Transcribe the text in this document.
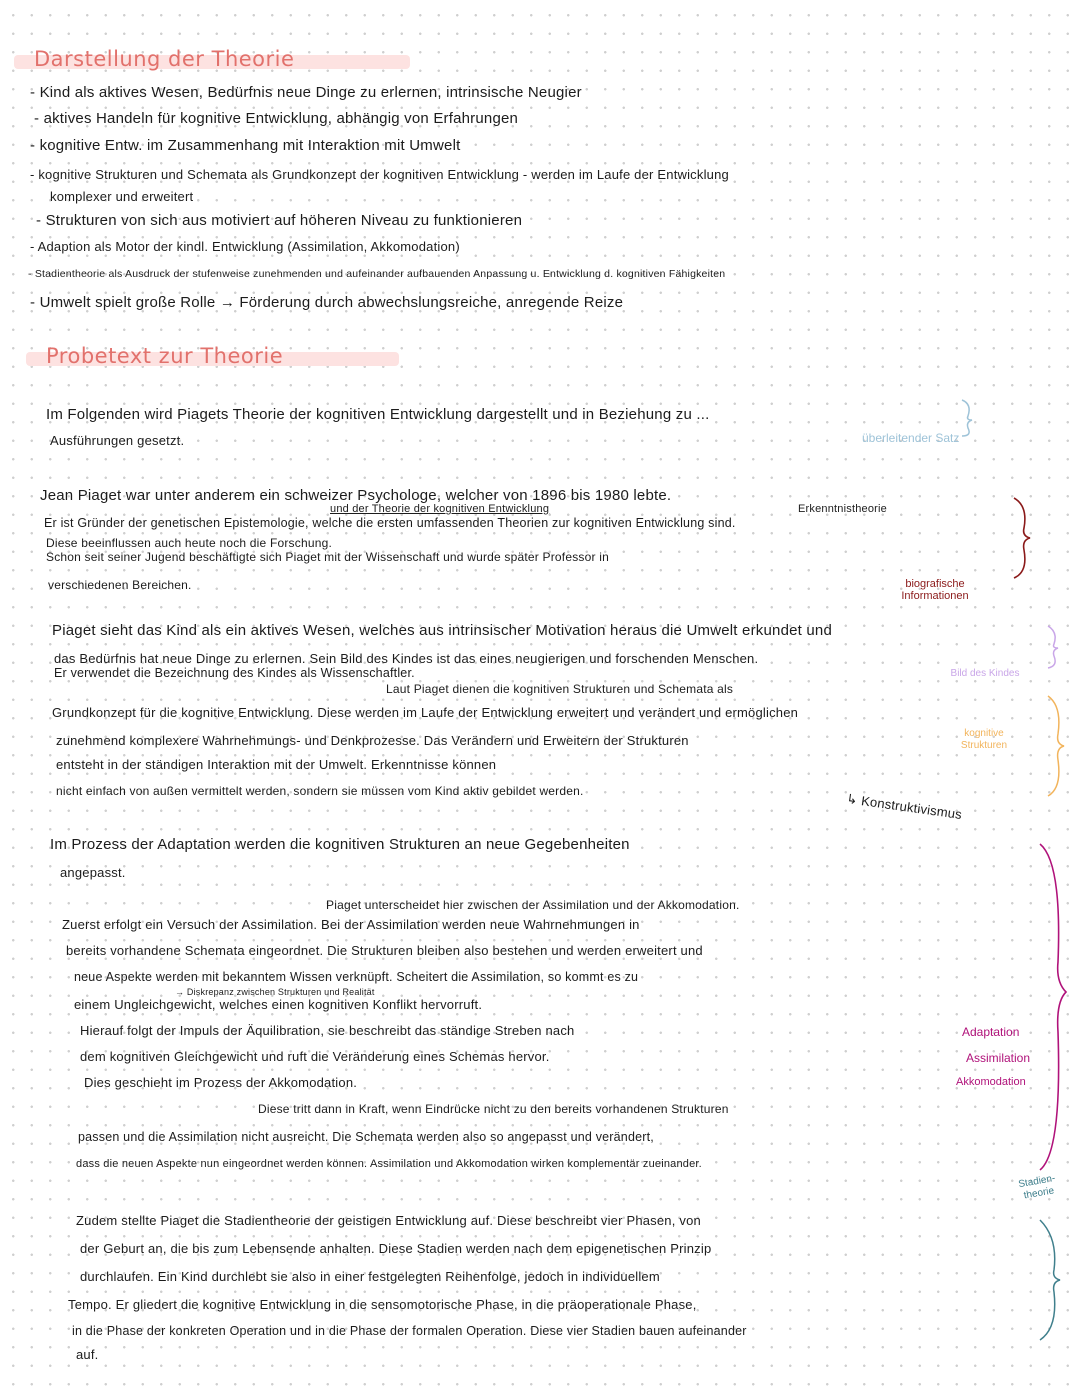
Darstellung der Theorie
- Kind als aktives Wesen, Bedürfnis neue Dinge zu erlernen, intrinsische Neugier
- aktives Handeln für kognitive Entwicklung, abhängig von Erfahrungen
- kognitive Entw. im Zusammenhang mit Interaktion mit Umwelt
- kognitive Strukturen und Schemata als Grundkonzept der kognitiven Entwicklung - werden im Laufe der Entwicklung
komplexer und erweitert
- Strukturen von sich aus motiviert auf höheren Niveau zu funktionieren
- Adaption als Motor der kindl. Entwicklung (Assimilation, Akkomodation)
- Stadientheorie als Ausdruck der stufenweise zunehmenden und aufeinander aufbauenden Anpassung u. Entwicklung d. kognitiven Fähigkeiten
- Umwelt spielt große Rolle → Förderung durch abwechslungsreiche, anregende Reize
Probetext zur Theorie
Im Folgenden wird Piagets Theorie der kognitiven Entwicklung dargestellt und in Beziehung zu ...
Ausführungen gesetzt.	überleitender Satz
Jean Piaget war unter anderem ein schweizer Psychologe, welcher von 1896 bis 1980 lebte.
und der Theorie der kognitiven Entwicklung	Erkenntnistheorie
Er ist Gründer der genetischen Epistemologie, welche die ersten umfassenden Theorien zur kognitiven Entwicklung sind.
Diese beeinflussen auch heute noch die Forschung.
Schon seit seiner Jugend beschäftigte sich Piaget mit der Wissenschaft und wurde später Professor in
verschiedenen Bereichen.	biografische Informationen
Piaget sieht das Kind als ein aktives Wesen, welches aus intrinsischer Motivation heraus die Umwelt erkundet und
das Bedürfnis hat neue Dinge zu erlernen. Sein Bild des Kindes ist das eines neugierigen und forschenden Menschen.
Er verwendet die Bezeichnung des Kindes als Wissenschaftler.	Bild des Kindes
Laut Piaget dienen die kognitiven Strukturen und Schemata als
Grundkonzept für die kognitive Entwicklung. Diese werden im Laufe der Entwicklung erweitert und verändert und ermöglichen
zunehmend komplexere Wahrnehmungs- und Denkprozesse. Das Verändern und Erweitern der Strukturen
entsteht in der ständigen Interaktion mit der Umwelt. Erkenntnisse können
nicht einfach von außen vermittelt werden, sondern sie müssen vom Kind aktiv gebildet werden.	↳ Konstruktivismus
kognitive Strukturen
Im Prozess der Adaptation werden die kognitiven Strukturen an neue Gegebenheiten
angepasst.
Piaget unterscheidet hier zwischen der Assimilation und der Akkomodation.
Zuerst erfolgt ein Versuch der Assimilation. Bei der Assimilation werden neue Wahrnehmungen in
bereits vorhandene Schemata eingeordnet. Die Strukturen bleiben also bestehen und werden erweitert und
neue Aspekte werden mit bekanntem Wissen verknüpft. Scheitert die Assimilation, so kommt es zu
→ Diskrepanz zwischen Strukturen und Realität
einem Ungleichgewicht, welches einen kognitiven Konflikt hervorruft.
Hierauf folgt der Impuls der Äquilibration, sie beschreibt das ständige Streben nach
dem kognitiven Gleichgewicht und ruft die Veränderung eines Schemas hervor.
Dies geschieht im Prozess der Akkomodation.
Diese tritt dann in Kraft, wenn Eindrücke nicht zu den bereits vorhandenen Strukturen
passen und die Assimilation nicht ausreicht. Die Schemata werden also so angepasst und verändert,
dass die neuen Aspekte nun eingeordnet werden können. Assimilation und Akkomodation wirken komplementär zueinander.
Adaptation
Assimilation
Akkomodation
Zudem stellte Piaget die Stadientheorie der geistigen Entwicklung auf. Diese beschreibt vier Phasen, von
der Geburt an, die bis zum Lebensende anhalten. Diese Stadien werden nach dem epigenetischen Prinzip
durchlaufen. Ein Kind durchlebt sie also in einer festgelegten Reihenfolge, jedoch in individuellem
Tempo. Er gliedert die kognitive Entwicklung in die sensomotorische Phase, in die präoperationale Phase,
in die Phase der konkreten Operation und in die Phase der formalen Operation. Diese vier Stadien bauen aufeinander
auf.
Stadien-theorie
